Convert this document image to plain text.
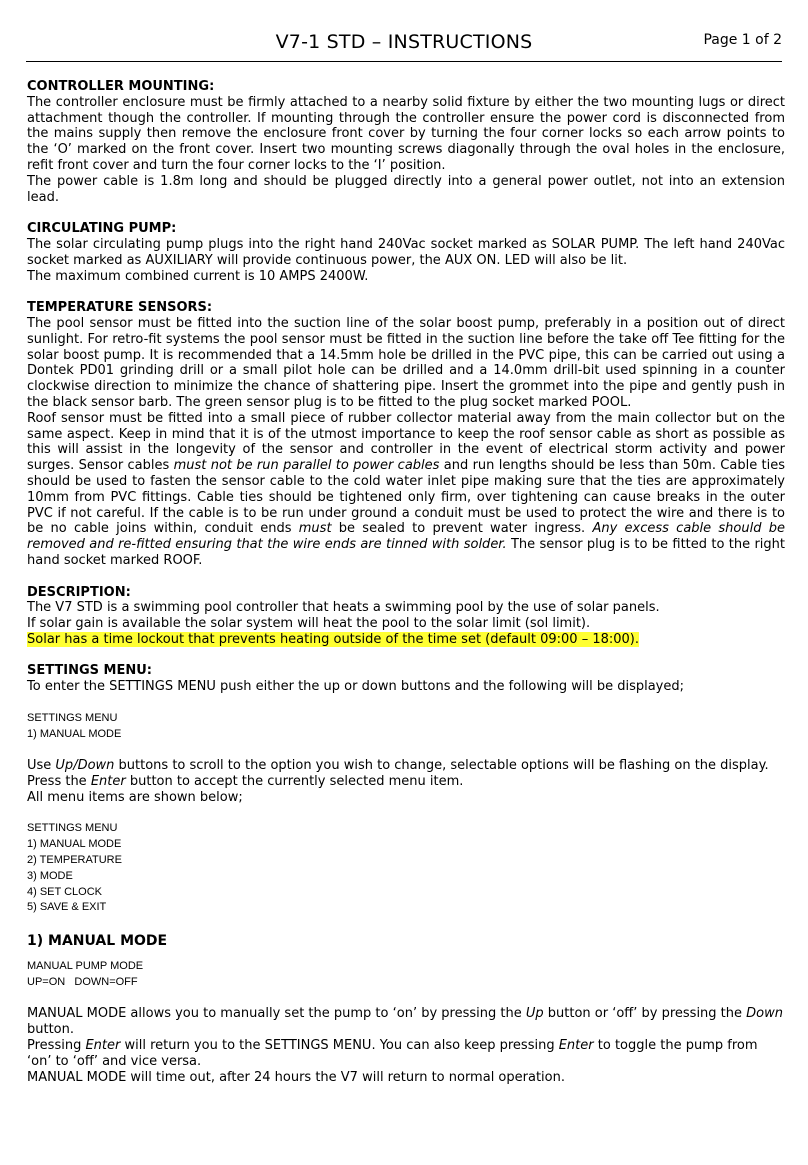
V7-1 STD – INSTRUCTIONS	Page 1 of 2

CONTROLLER MOUNTING:

The controller enclosure must be firmly attached to a nearby solid fixture by either the two mounting lugs or direct attachment though the controller. If mounting through the controller ensure the power cord is disconnected from the mains supply then remove the enclosure front cover by turning the four corner locks so each arrow points to the ‘O’ marked on the front cover. Insert two mounting screws diagonally through the oval holes in the enclosure, refit front cover and turn the four corner locks to the ‘I’ position.

The power cable is 1.8m long and should be plugged directly into a general power outlet, not into an extension lead.

CIRCULATING PUMP:

The solar circulating pump plugs into the right hand 240Vac socket marked as SOLAR PUMP. The left hand 240Vac socket marked as AUXILIARY will provide continuous power, the AUX ON. LED will also be lit.

The maximum combined current is 10 AMPS 2400W.

TEMPERATURE SENSORS:

The pool sensor must be fitted into the suction line of the solar boost pump, preferably in a position out of direct sunlight. For retro-fit systems the pool sensor must be fitted in the suction line before the take off Tee fitting for the solar boost pump. It is recommended that a 14.5mm hole be drilled in the PVC pipe, this can be carried out using a Dontek PD01 grinding drill or a small pilot hole can be drilled and a 14.0mm drill-bit used spinning in a counter clockwise direction to minimize the chance of shattering pipe. Insert the grommet into the pipe and gently push in the black sensor barb. The green sensor plug is to be fitted to the plug socket marked POOL.

Roof sensor must be fitted into a small piece of rubber collector material away from the main collector but on the same aspect. Keep in mind that it is of the utmost importance to keep the roof sensor cable as short as possible as this will assist in the longevity of the sensor and controller in the event of electrical storm activity and power surges. Sensor cables must not be run parallel to power cables and run lengths should be less than 50m. Cable ties should be used to fasten the sensor cable to the cold water inlet pipe making sure that the ties are approximately 10mm from PVC fittings. Cable ties should be tightened only firm, over tightening can cause breaks in the outer PVC if not careful. If the cable is to be run under ground a conduit must be used to protect the wire and there is to be no cable joins within, conduit ends must be sealed to prevent water ingress. Any excess cable should be removed and re-fitted ensuring that the wire ends are tinned with solder. The sensor plug is to be fitted to the right hand socket marked ROOF.

DESCRIPTION:

The V7 STD is a swimming pool controller that heats a swimming pool by the use of solar panels.

If solar gain is available the solar system will heat the pool to the solar limit (sol limit).

Solar has a time lockout that prevents heating outside of the time set (default 09:00 – 18:00).

SETTINGS MENU:

To enter the SETTINGS MENU push either the up or down buttons and the following will be displayed;

SETTINGS MENU
1) MANUAL MODE

Use Up/Down buttons to scroll to the option you wish to change, selectable options will be flashing on the display.

Press the Enter button to accept the currently selected menu item.

All menu items are shown below;

SETTINGS MENU
1) MANUAL MODE
2) TEMPERATURE
3) MODE
4) SET CLOCK
5) SAVE & EXIT

1) MANUAL MODE

MANUAL PUMP MODE
UP=ON   DOWN=OFF

MANUAL MODE allows you to manually set the pump to ‘on’ by pressing the Up button or ‘off’ by pressing the Down button.

Pressing Enter will return you to the SETTINGS MENU. You can also keep pressing Enter to toggle the pump from ‘on’ to ‘off’ and vice versa.

MANUAL MODE will time out, after 24 hours the V7 will return to normal operation.
